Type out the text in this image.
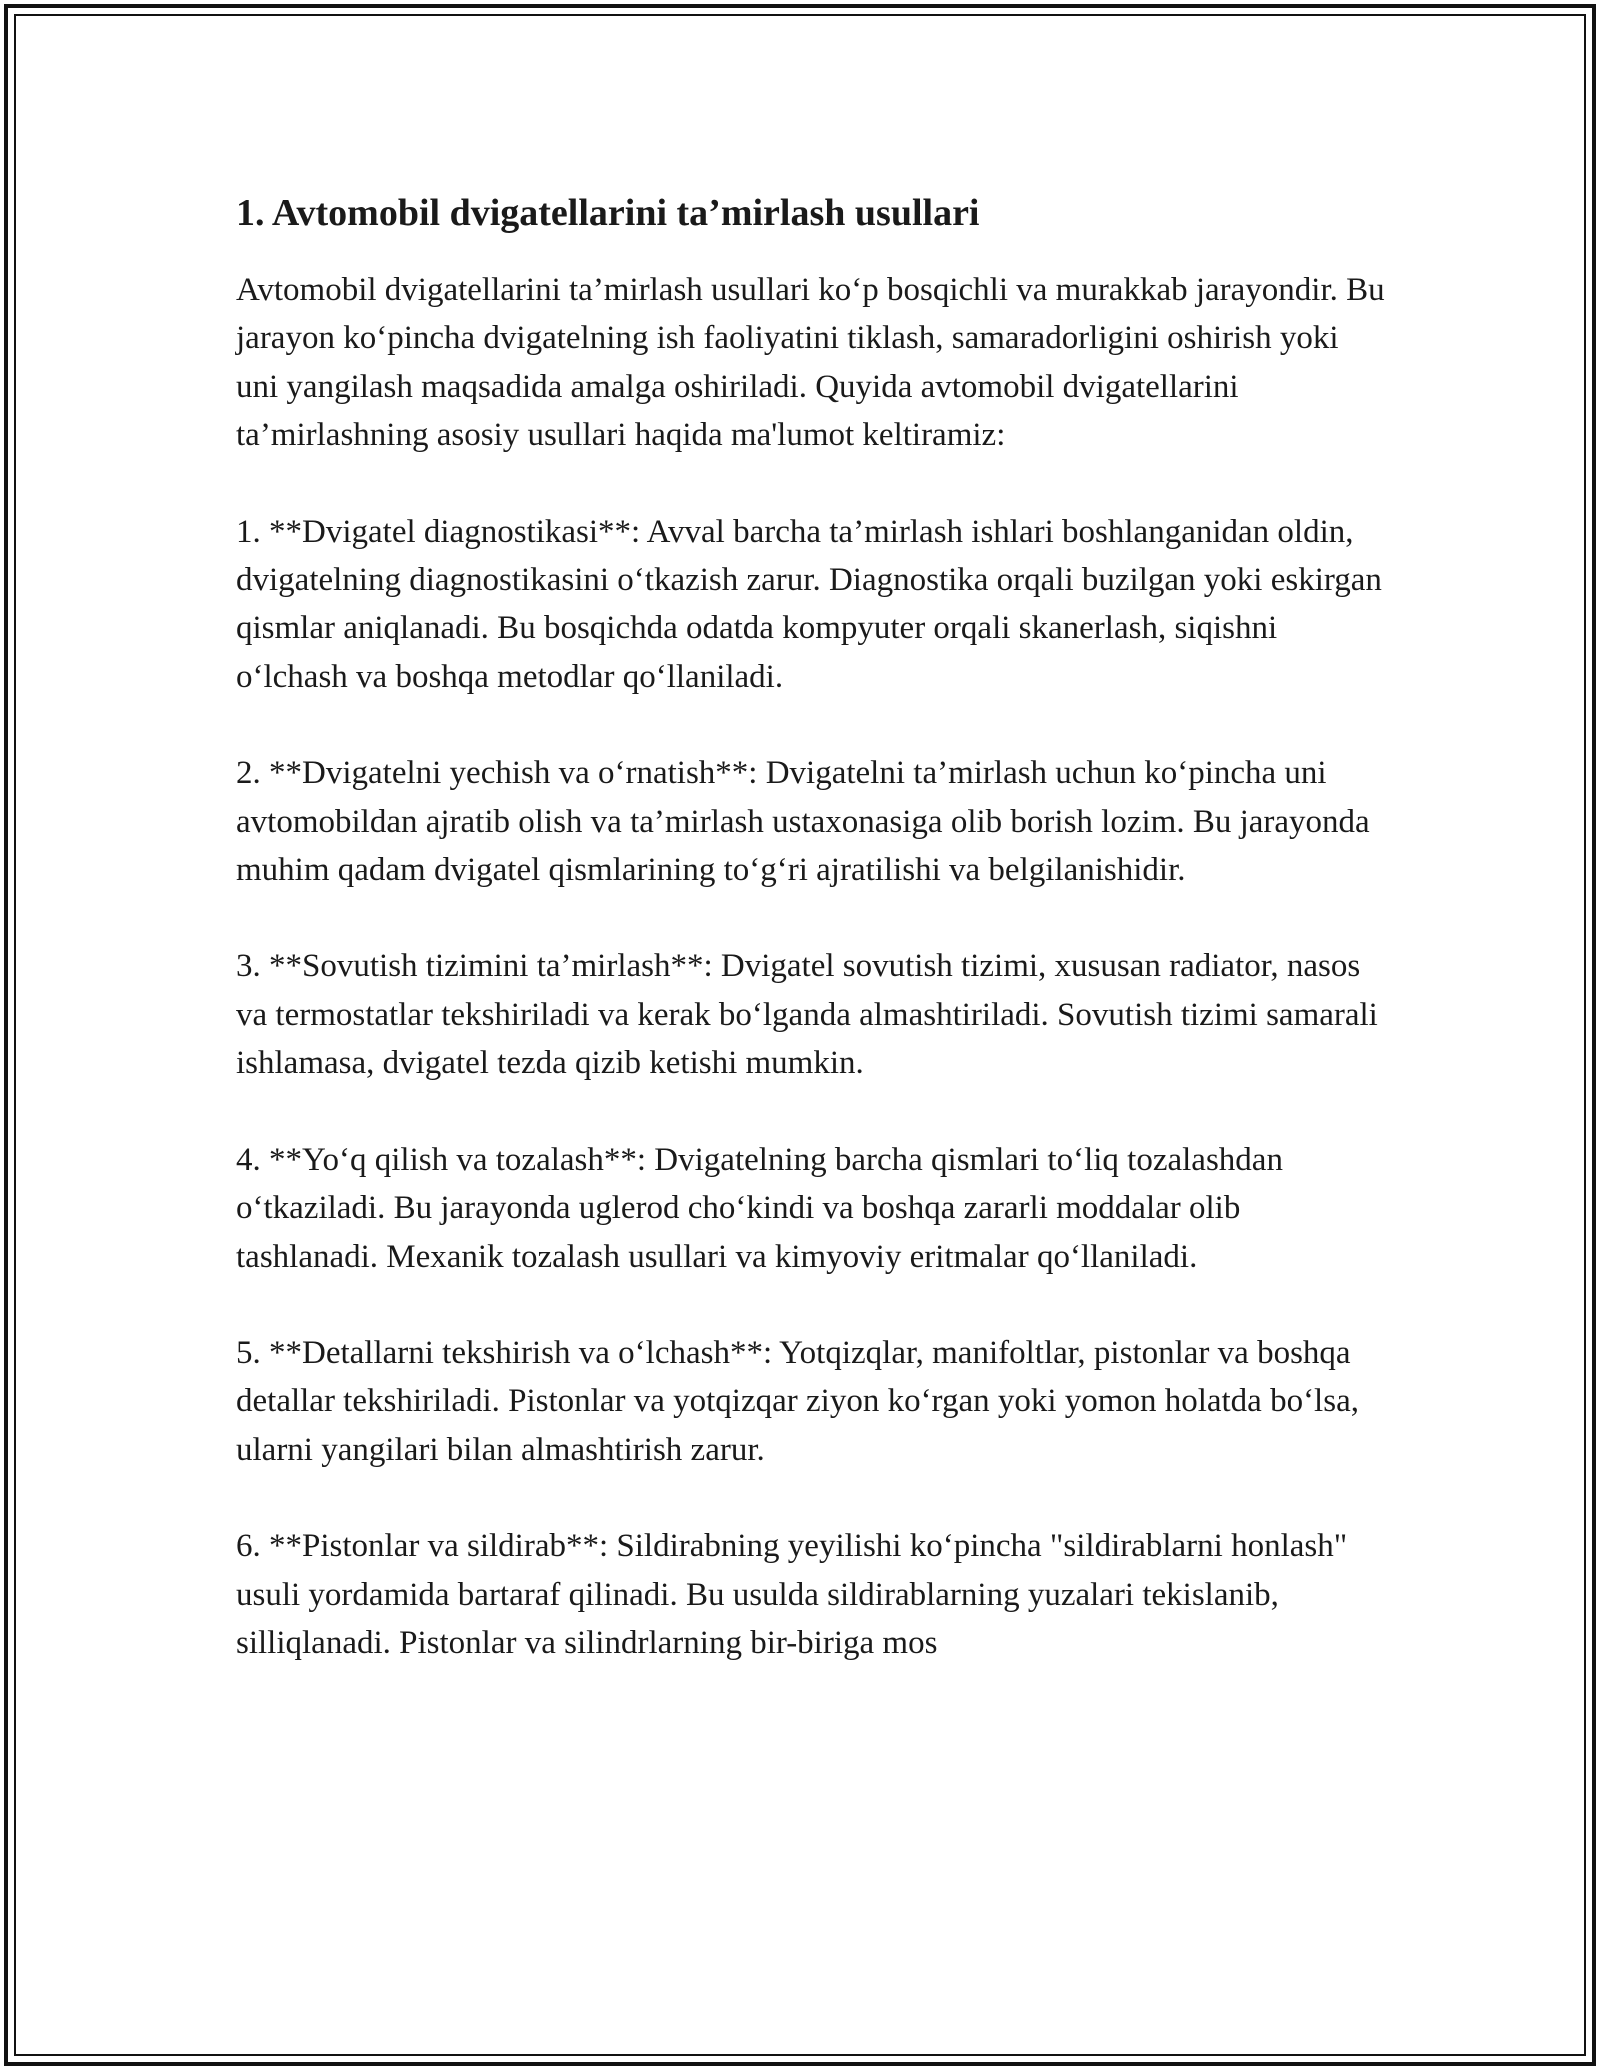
1. Avtomobil dvigatellarini ta’mirlash usullari

Avtomobil dvigatellarini ta’mirlash usullari ko‘p bosqichli va murakkab jarayondir. Bu jarayon ko‘pincha dvigatelning ish faoliyatini tiklash, samaradorligini oshirish yoki uni yangilash maqsadida amalga oshiriladi. Quyida avtomobil dvigatellarini ta’mirlashning asosiy usullari haqida ma'lumot keltiramiz:

1. **Dvigatel diagnostikasi**: Avval barcha ta’mirlash ishlari boshlanganidan oldin, dvigatelning diagnostikasini o‘tkazish zarur. Diagnostika orqali buzilgan yoki eskirgan qismlar aniqlanadi. Bu bosqichda odatda kompyuter orqali skanerlash, siqishni o‘lchash va boshqa metodlar qo‘llaniladi.

2. **Dvigatelni yechish va o‘rnatish**: Dvigatelni ta’mirlash uchun ko‘pincha uni avtomobildan ajratib olish va ta’mirlash ustaxonasiga olib borish lozim. Bu jarayonda muhim qadam dvigatel qismlarining to‘g‘ri ajratilishi va belgilanishidir.

3. **Sovutish tizimini ta’mirlash**: Dvigatel sovutish tizimi, xususan radiator, nasos va termostatlar tekshiriladi va kerak bo‘lganda almashtiriladi. Sovutish tizimi samarali ishlamasa, dvigatel tezda qizib ketishi mumkin.

4. **Yo‘q qilish va tozalash**: Dvigatelning barcha qismlari to‘liq tozalashdan o‘tkaziladi. Bu jarayonda uglerod cho‘kindi va boshqa zararli moddalar olib tashlanadi. Mexanik tozalash usullari va kimyoviy eritmalar qo‘llaniladi.

5. **Detallarni tekshirish va o‘lchash**: Yotqizqlar, manifoltlar, pistonlar va boshqa detallar tekshiriladi. Pistonlar va yotqizqar ziyon ko‘rgan yoki yomon holatda bo‘lsa, ularni yangilari bilan almashtirish zarur.

6. **Pistonlar va sildirab**: Sildirabning yeyilishi ko‘pincha "sildirablarni honlash" usuli yordamida bartaraf qilinadi. Bu usulda sildirablarning yuzalari tekislanib, silliqlanadi. Pistonlar va silindrlarning bir-biriga mos
